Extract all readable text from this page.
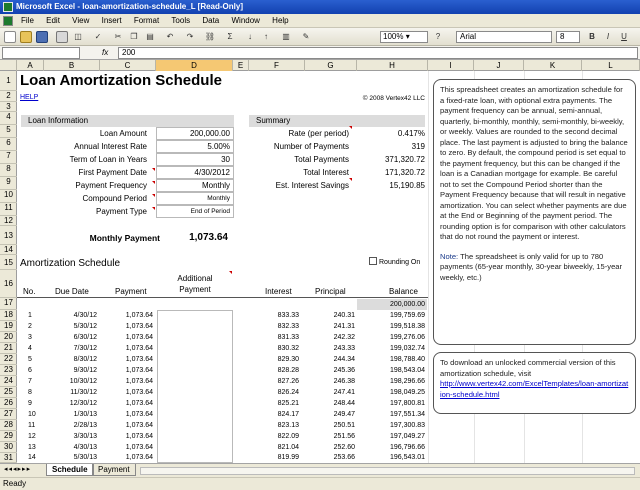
Microsoft Excel - loan-amortization-schedule_L [Read-Only]
File Edit View Insert Format Tools Data Window Help
◫	✓	✂	❐	▤	↶	↷	⛓	Σ	↓	↑	▥	✎	100% ▾	?	Arial	8	B	I	U
fx	200
A	B	C	D	E	F	G	H	I	J	K	L
1
2
3
4
5
6
7
8
9
10
11
12
13
14
15
16
17
18
19
20
21
22
23
24
25
26
27
28
29
30
31
Loan Amortization Schedule
HELP	© 2008 Vertex42 LLC
Loan Information	Summary
Loan Amount	200,000.00
Annual Interest Rate	5.00%
Term of Loan in Years	30
First Payment Date	4/30/2012
Payment Frequency	Monthly
Compound Period	Monthly
Payment Type	End of Period
Rate (per period)	0.417%
Number of Payments	319
Total Payments	371,320.72
Total Interest	171,320.72
Est. Interest Savings	15,190.85
Monthly Payment	1,073.64
Amortization Schedule	Rounding On
No. Due Date	Payment
Additional
Payment	Interest	Principal	Balance
200,000.00
1	4/30/12	1,073.64	833.33	240.31	199,759.69
2	5/30/12	1,073.64	832.33	241.31	199,518.38
3	6/30/12	1,073.64	831.33	242.32	199,276.06
4	7/30/12	1,073.64	830.32	243.33	199,032.74
5	8/30/12	1,073.64	829.30	244.34	198,788.40
6	9/30/12	1,073.64	828.28	245.36	198,543.04
7	10/30/12	1,073.64	827.26	246.38	198,296.66
8	11/30/12	1,073.64	826.24	247.41	198,049.25
9	12/30/12	1,073.64	825.21	248.44	197,800.81
10	1/30/13	1,073.64	824.17	249.47	197,551.34
11	2/28/13	1,073.64	823.13	250.51	197,300.83
12	3/30/13	1,073.64	822.09	251.56	197,049.27
13	4/30/13	1,073.64	821.04	252.60	196,796.66
14	5/30/13	1,073.64	819.99	253.66	196,543.01
This spreadsheet creates an amortization schedule for a fixed-rate loan, with optional extra payments. The payment frequency can be annual, semi-annual, quarterly, bi-monthly, monthly, semi-monthly, bi-weekly, or weekly. Values are rounded to the second decimal place. The last payment is adjusted to bring the balance to zero. By default, the compound period is set equal to the payment frequency, but this can be changed if the loan is a Canadian mortgage for example. Be careful not to set the Compound Period shorter than the Payment Frequency because that will result in negative amortization. You can select whether payments are due at the End or Beginning of the payment period. The rounding option is for comparison with other calculators that do not round the payment or interest.
Note: The spreadsheet is only valid for up to 780 payments (65-year monthly, 30-year biweekly, 15-year weekly, etc.)
To download an unlocked commercial version of this amortization schedule, visit
http://www.vertex42.com/ExcelTemplates/loan-amortization-schedule.html
◂◂◂▸▸▸	Schedule	Payment
Ready
